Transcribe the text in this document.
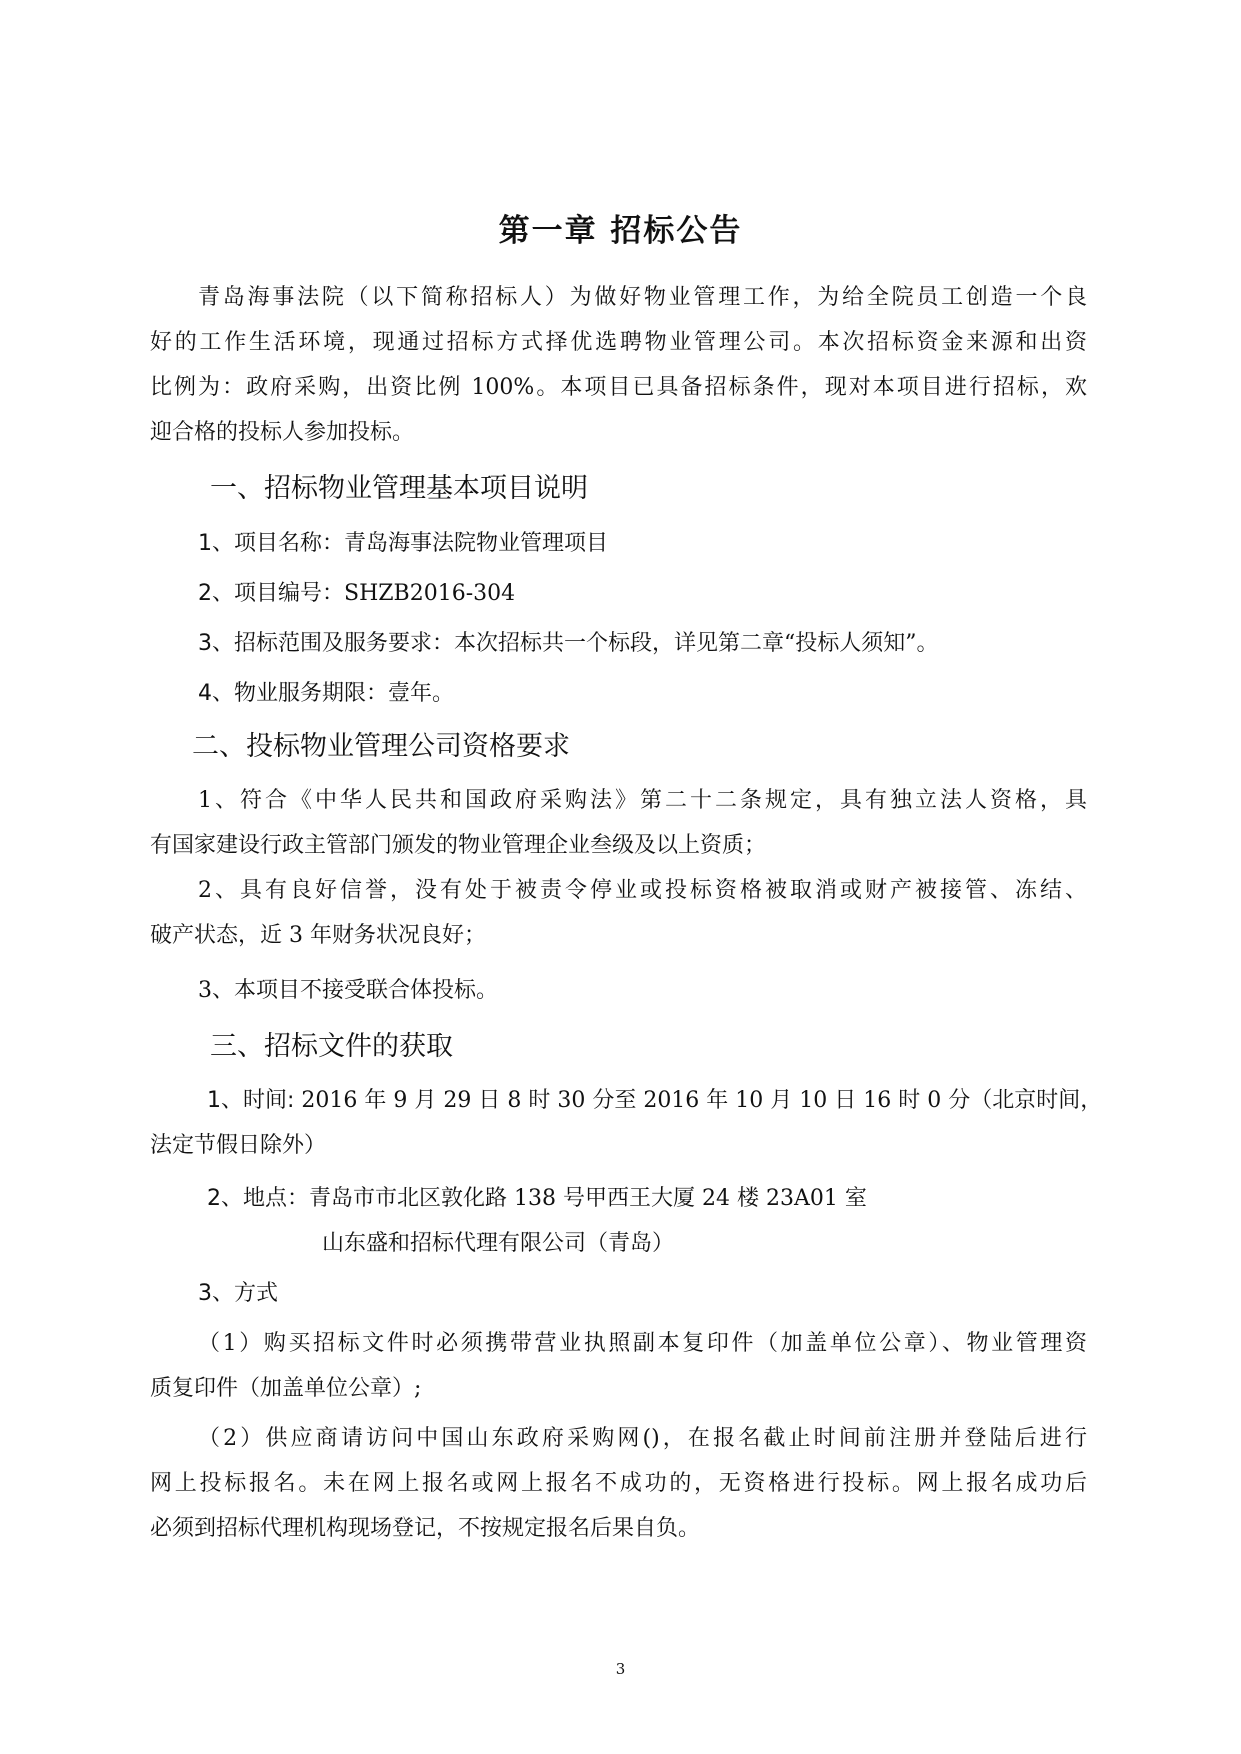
第一章 招标公告
青岛海事法院（以下简称招标人）为做好物业管理工作，为给全院员工创造一个良
好的工作生活环境，现通过招标方式择优选聘物业管理公司。本次招标资金来源和出资
比例为：政府采购，出资比例 100%。本项目已具备招标条件，现对本项目进行招标，欢
迎合格的投标人参加投标。
一、招标物业管理基本项目说明
1、项目名称：青岛海事法院物业管理项目
2、项目编号：SHZB2016-304
3、招标范围及服务要求：本次招标共一个标段，详见第二章“投标人须知”。
4、物业服务期限：壹年。
二、投标物业管理公司资格要求
1、符合《中华人民共和国政府采购法》第二十二条规定，具有独立法人资格，具
有国家建设行政主管部门颁发的物业管理企业叁级及以上资质；
2、具有良好信誉，没有处于被责令停业或投标资格被取消或财产被接管、冻结、
破产状态，近 3 年财务状况良好；
3、本项目不接受联合体投标。
三、招标文件的获取
1、时间: 2016 年 9 月 29 日 8 时 30 分至 2016 年 10 月 10 日 16 时 0 分（北京时间，
法定节假日除外）
2、地点：青岛市市北区敦化路 138 号甲西王大厦 24 楼 23A01 室
山东盛和招标代理有限公司（青岛）
3、方式
（1）购买招标文件时必须携带营业执照副本复印件（加盖单位公章）、物业管理资
质复印件（加盖单位公章）;
（2）供应商请访问中国山东政府采购网()，在报名截止时间前注册并登陆后进行
网上投标报名。未在网上报名或网上报名不成功的，无资格进行投标。网上报名成功后
必须到招标代理机构现场登记，不按规定报名后果自负。
3
